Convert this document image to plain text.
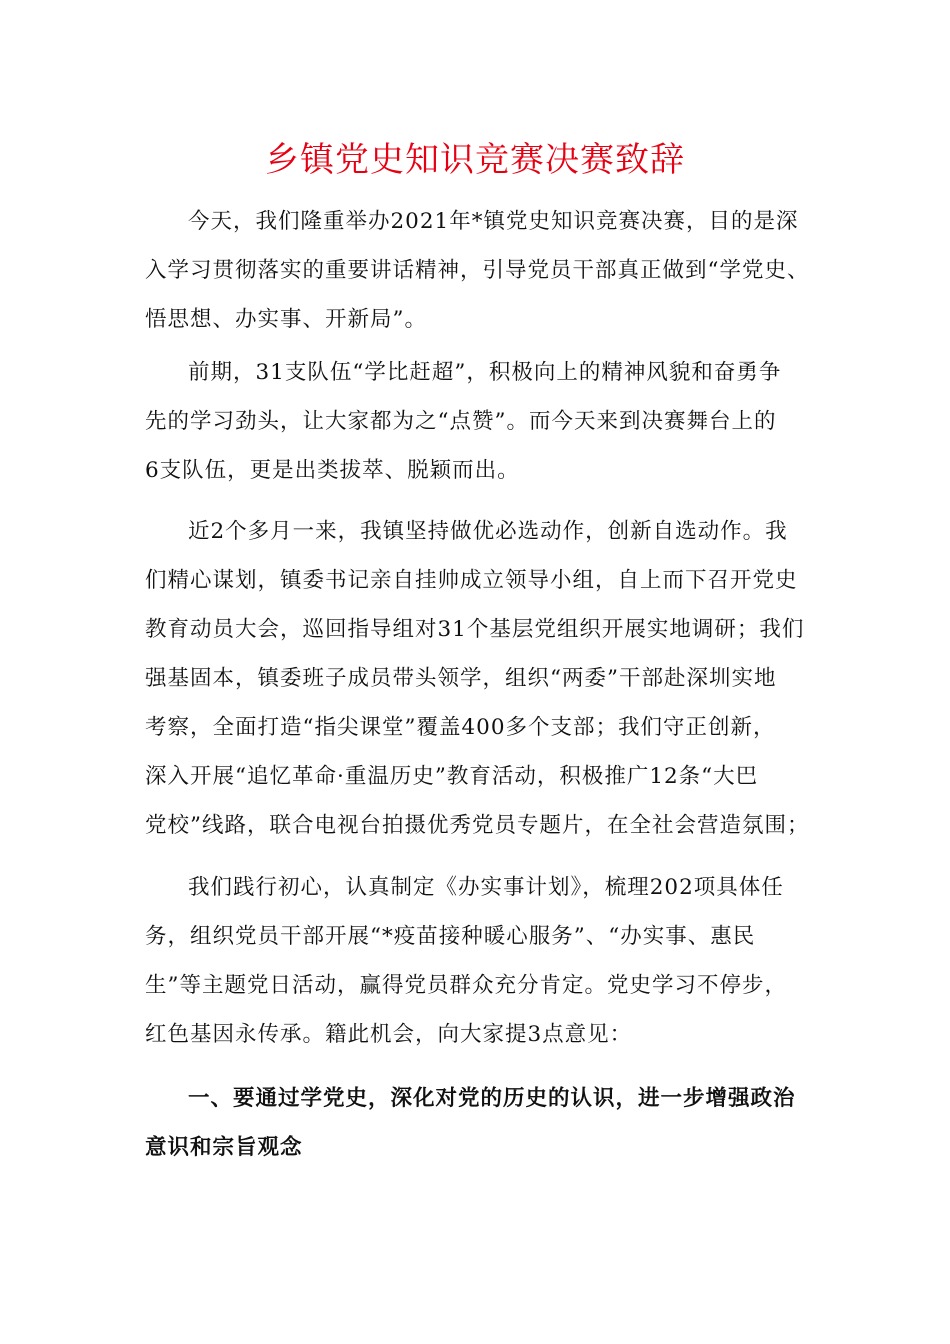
乡镇党史知识竞赛决赛致辞

今天，我们隆重举办2021年*镇党史知识竞赛决赛，目的是深
入学习贯彻落实的重要讲话精神，引导党员干部真正做到“学党史、
悟思想、办实事、开新局”。

前期，31支队伍“学比赶超”，积极向上的精神风貌和奋勇争
先的学习劲头，让大家都为之“点赞”。而今天来到决赛舞台上的
6支队伍，更是出类拔萃、脱颖而出。

近2个多月一来，我镇坚持做优必选动作，创新自选动作。我
们精心谋划，镇委书记亲自挂帅成立领导小组，自上而下召开党史
教育动员大会，巡回指导组对31个基层党组织开展实地调研；我们
强基固本，镇委班子成员带头领学，组织“两委”干部赴深圳实地
考察，全面打造“指尖课堂”覆盖400多个支部；我们守正创新，
深入开展“追忆革命·重温历史”教育活动，积极推广12条“大巴
党校”线路，联合电视台拍摄优秀党员专题片，在全社会营造氛围；

我们践行初心，认真制定《办实事计划》，梳理202项具体任
务，组织党员干部开展“*疫苗接种暖心服务”、“办实事、惠民
生”等主题党日活动，赢得党员群众充分肯定。党史学习不停步，
红色基因永传承。籍此机会，向大家提3点意见：

一、要通过学党史，深化对党的历史的认识，进一步增强政治
意识和宗旨观念
